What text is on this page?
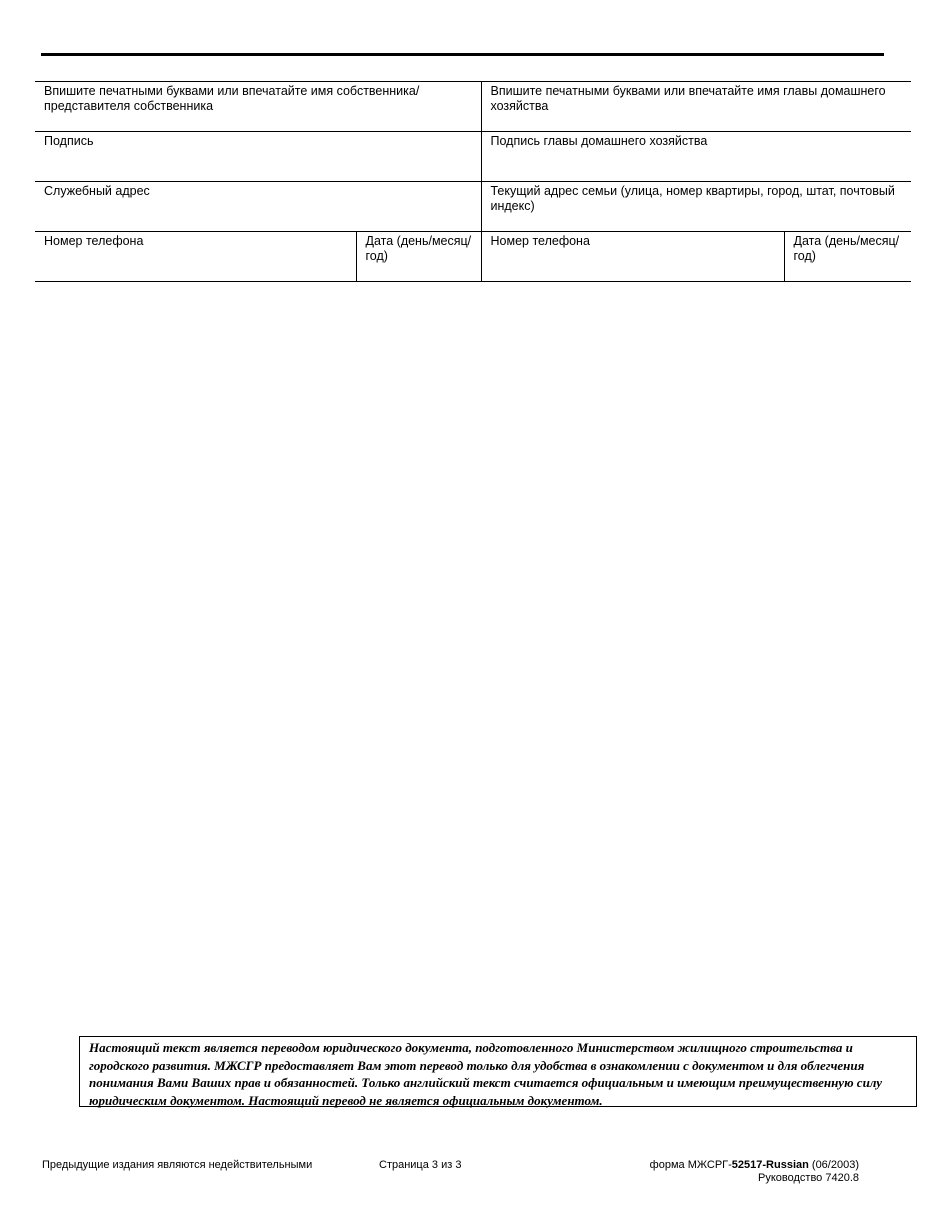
Впишите печатными буквами или впечатайте имя собственника/представителя собственника		Впишите печатными буквами или впечатайте имя главы домашнего хозяйства	
Подпись		Подпись главы домашнего хозяйства	
Служебный адрес		Текущий адрес семьи (улица, номер квартиры, город, штат, почтовый индекс)	
Номер телефона	Дата (день/месяц/год)	Номер телефона	Дата (день/месяц/год)
Настоящий текст является переводом юридического документа, подготовленного Министерством жилищного строительства и городского развития. МЖСГР предоставляет Вам этот перевод только для удобства в ознакомлении с документом и для облегчения понимания Вами Ваших прав и обязанностей. Только английский текст считается официальным и имеющим преимущественную силу юридическим документом. Настоящий перевод не является официальным документом.
Предыдущие издания являются недействительными	Страница 3 из 3	форма МЖСРГ-52517-Russian (06/2003)
Руководство 7420.8
